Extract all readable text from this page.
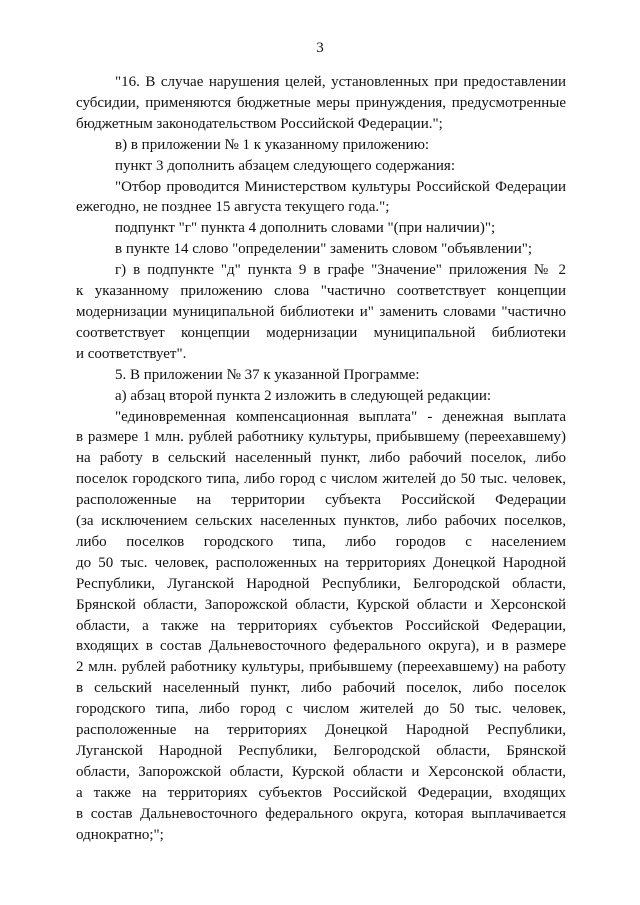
3
"16. В случае нарушения целей, установленных при предоставлении
субсидии, применяются бюджетные меры принуждения, предусмотренные
бюджетным законодательством Российской Федерации.";
в) в приложении № 1 к указанному приложению:
пункт 3 дополнить абзацем следующего содержания:
"Отбор проводится Министерством культуры Российской Федерации
ежегодно, не позднее 15 августа текущего года.";
подпункт "г" пункта 4 дополнить словами "(при наличии)";
в пункте 14 слово "определении" заменить словом "объявлении";
г) в подпункте "д" пункта 9 в графе "Значение" приложения № 2
к указанному приложению слова "частично соответствует концепции
модернизации муниципальной библиотеки и" заменить словами "частично
соответствует концепции модернизации муниципальной библиотеки
и соответствует".
5. В приложении № 37 к указанной Программе:
а) абзац второй пункта 2 изложить в следующей редакции:
"единовременная компенсационная выплата" - денежная выплата
в размере 1 млн. рублей работнику культуры, прибывшему (переехавшему)
на работу в сельский населенный пункт, либо рабочий поселок, либо
поселок городского типа, либо город с числом жителей до 50 тыс. человек,
расположенные на территории субъекта Российской Федерации
(за исключением сельских населенных пунктов, либо рабочих поселков,
либо поселков городского типа, либо городов с населением
до 50 тыс. человек, расположенных на территориях Донецкой Народной
Республики, Луганской Народной Республики, Белгородской области,
Брянской области, Запорожской области, Курской области и Херсонской
области, а также на территориях субъектов Российской Федерации,
входящих в состав Дальневосточного федерального округа), и в размере
2 млн. рублей работнику культуры, прибывшему (переехавшему) на работу
в сельский населенный пункт, либо рабочий поселок, либо поселок
городского типа, либо город с числом жителей до 50 тыс. человек,
расположенные на территориях Донецкой Народной Республики,
Луганской Народной Республики, Белгородской области, Брянской
области, Запорожской области, Курской области и Херсонской области,
а также на территориях субъектов Российской Федерации, входящих
в состав Дальневосточного федерального округа, которая выплачивается
однократно;";
